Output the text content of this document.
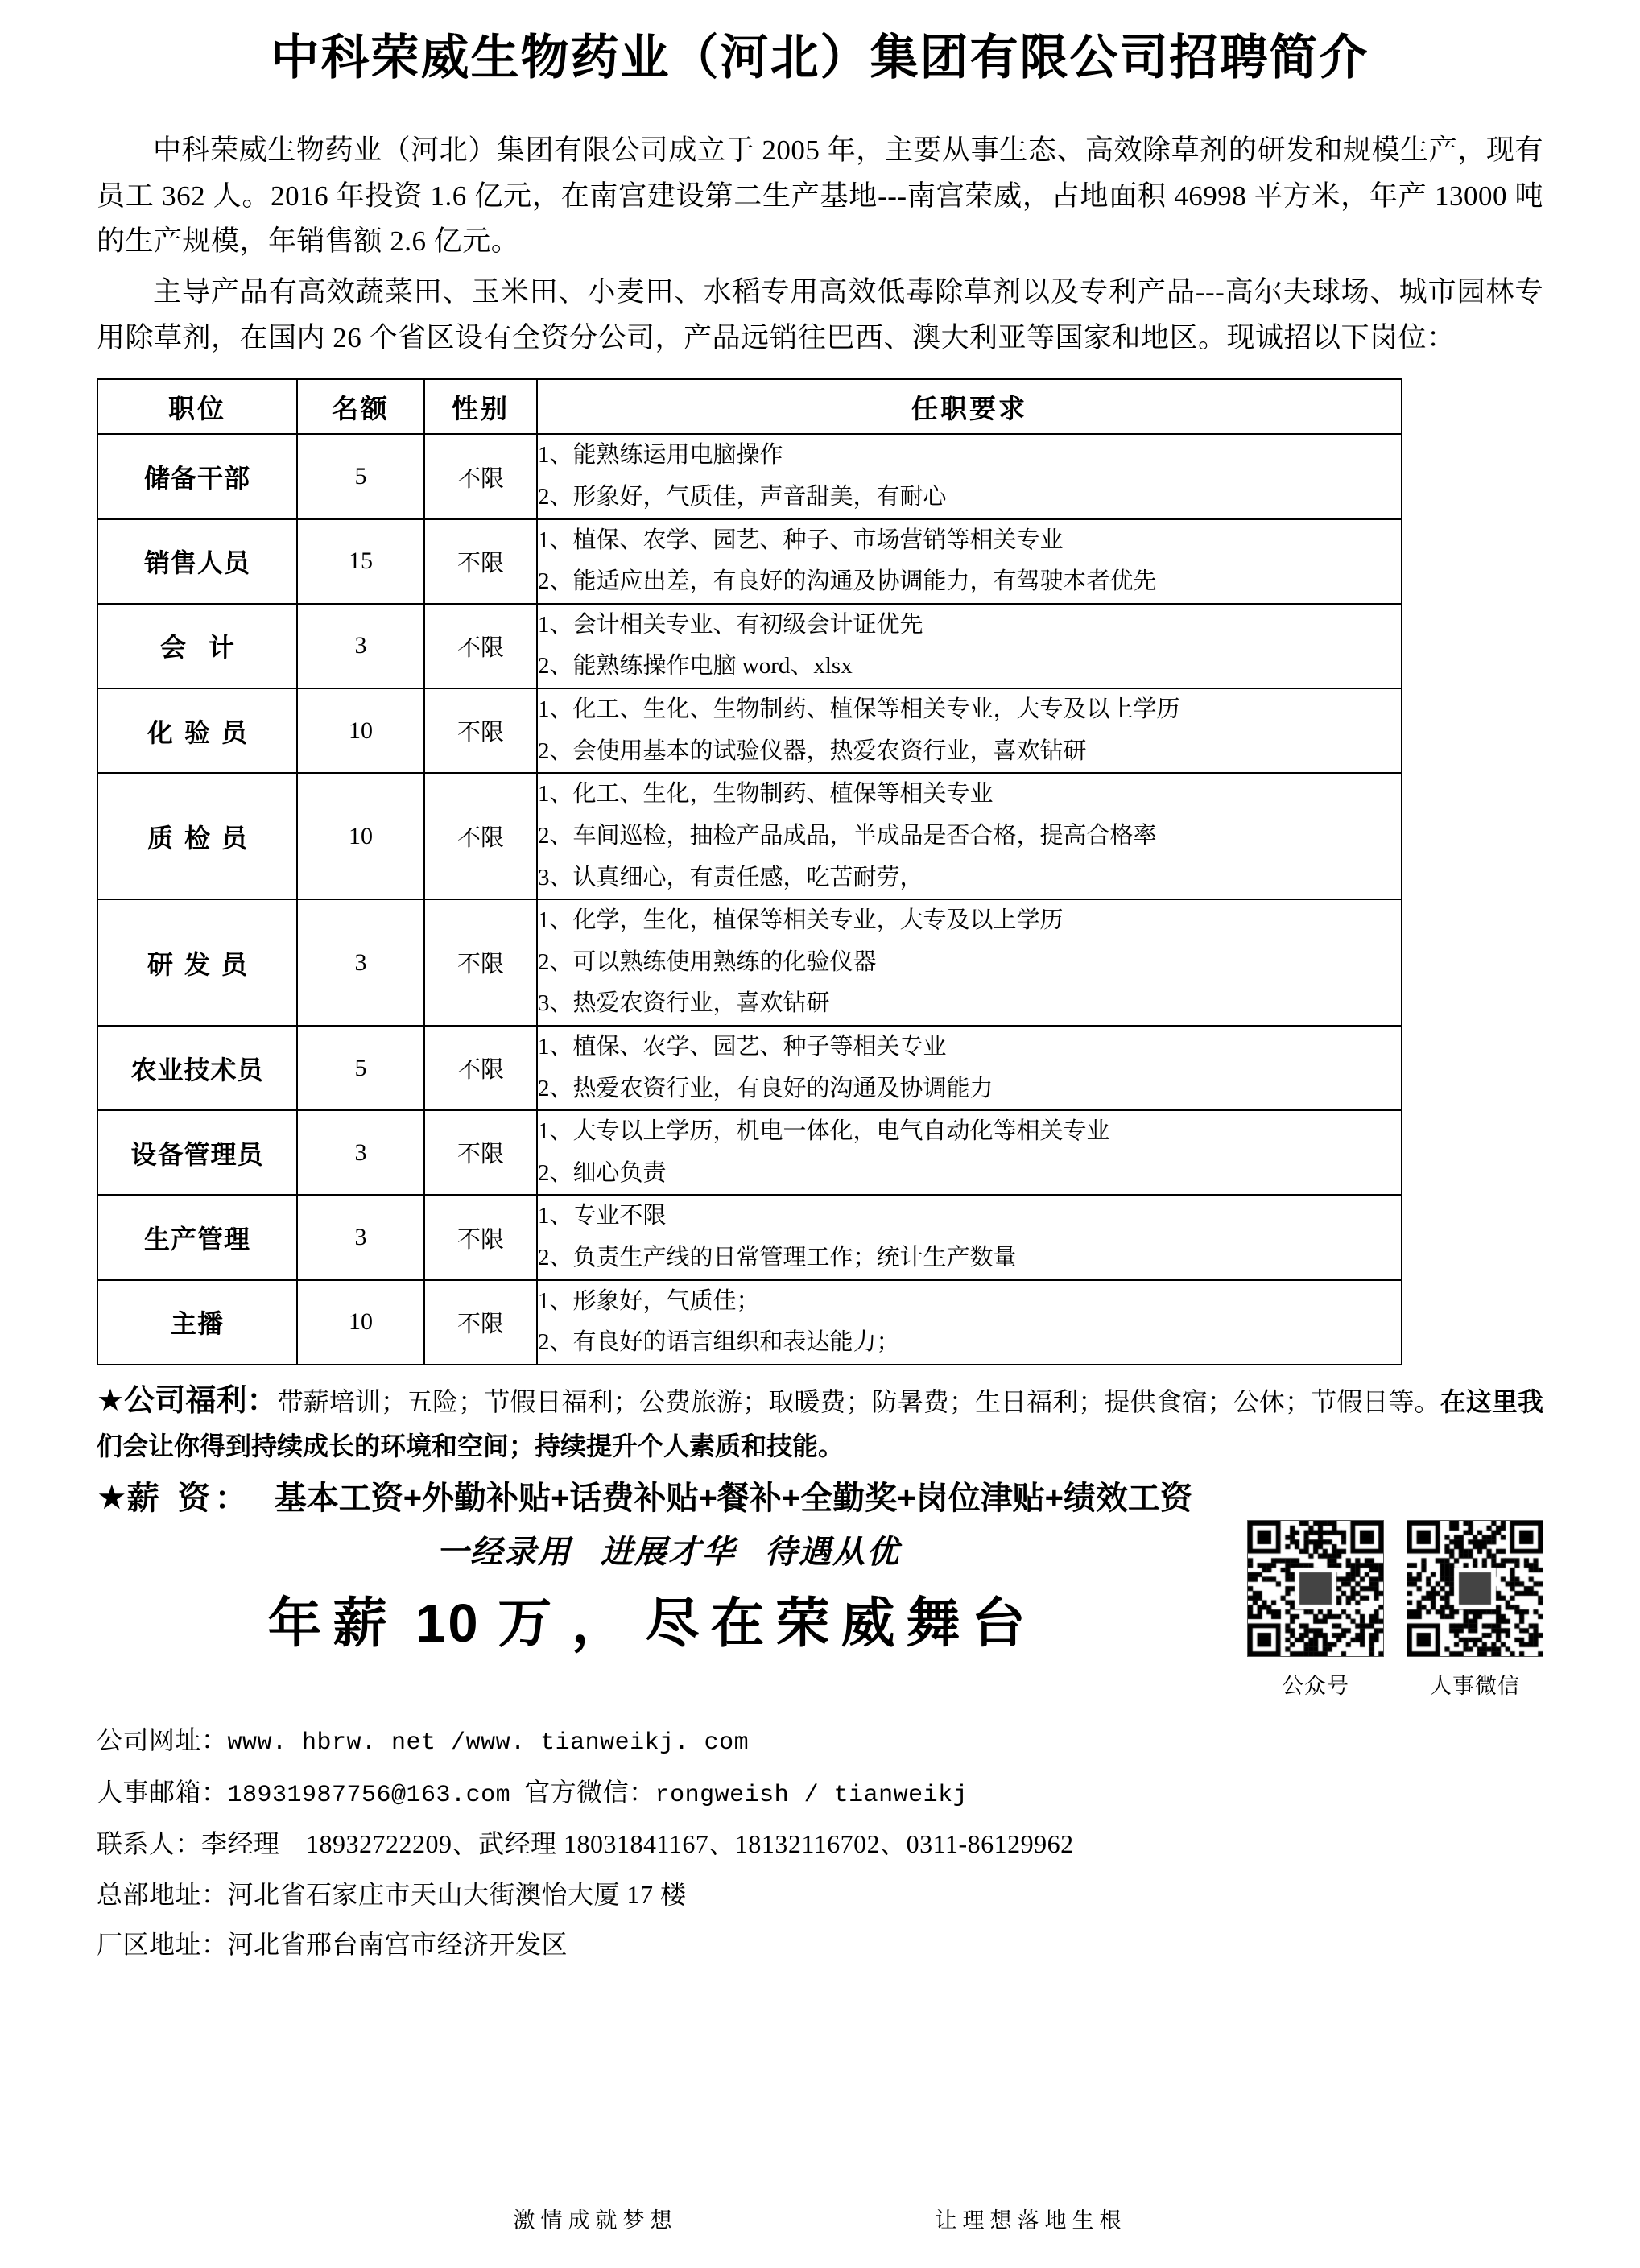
中科荣威生物药业（河北）集团有限公司招聘简介

中科荣威生物药业（河北）集团有限公司成立于 2005 年，主要从事生态、高效除草剂的研发和规模生产，现有员工 362 人。2016 年投资 1.6 亿元，在南宫建设第二生产基地---南宫荣威，占地面积 46998 平方米，年产 13000 吨的生产规模，年销售额 2.6 亿元。

主导产品有高效蔬菜田、玉米田、小麦田、水稻专用高效低毒除草剂以及专利产品---高尔夫球场、城市园林专用除草剂，在国内 26 个省区设有全资分公司，产品远销往巴西、澳大利亚等国家和地区。现诚招以下岗位：

职位	名额	性别	任职要求
储备干部	5	不限	1、能熟练运用电脑操作
2、形象好，气质佳，声音甜美，有耐心

销售人员	15	不限	1、植保、农学、园艺、种子、市场营销等相关专业
2、能适应出差，有良好的沟通及协调能力，有驾驶本者优先

会计	3	不限	1、会计相关专业、有初级会计证优先
2、能熟练操作电脑 word、xlsx

化验员	10	不限	1、化工、生化、生物制药、植保等相关专业，大专及以上学历
2、会使用基本的试验仪器，热爱农资行业，喜欢钻研

质检员	10	不限	1、化工、生化，生物制药、植保等相关专业
2、车间巡检，抽检产品成品，半成品是否合格，提高合格率
3、认真细心，有责任感，吃苦耐劳，

研发员	3	不限	1、化学，生化，植保等相关专业，大专及以上学历
2、可以熟练使用熟练的化验仪器
3、热爱农资行业，喜欢钻研

农业技术员	5	不限	1、植保、农学、园艺、种子等相关专业
2、热爱农资行业，有良好的沟通及协调能力

设备管理员	3	不限	1、大专以上学历，机电一体化，电气自动化等相关专业
2、细心负责

生产管理	3	不限	1、专业不限
2、负责生产线的日常管理工作；统计生产数量

主播	10	不限	1、形象好，气质佳；
2、有良好的语言组织和表达能力；
★公司福利：带薪培训；五险；节假日福利；公费旅游；取暖费；防暑费；生日福利；提供食宿；公休；节假日等。在这里我们会让你得到持续成长的环境和空间；持续提升个人素质和技能。
★薪 资： 基本工资+外勤补贴+话费补贴+餐补+全勤奖+岗位津贴+绩效工资
一经录用 进展才华 待遇从优
年薪 10 万 ， 尽在荣威舞台
公众号	人事微信
公司网址：www. hbrw. net /www. tianweikj. com
人事邮箱：18931987756@163.com 官方微信：rongweish / tianweikj
联系人：李经理　18932722209、武经理 18031841167、18132116702、0311-86129962
总部地址：河北省石家庄市天山大街澳怡大厦 17 楼
厂区地址：河北省邢台南宫市经济开发区
激情成就梦想	让理想落地生根
